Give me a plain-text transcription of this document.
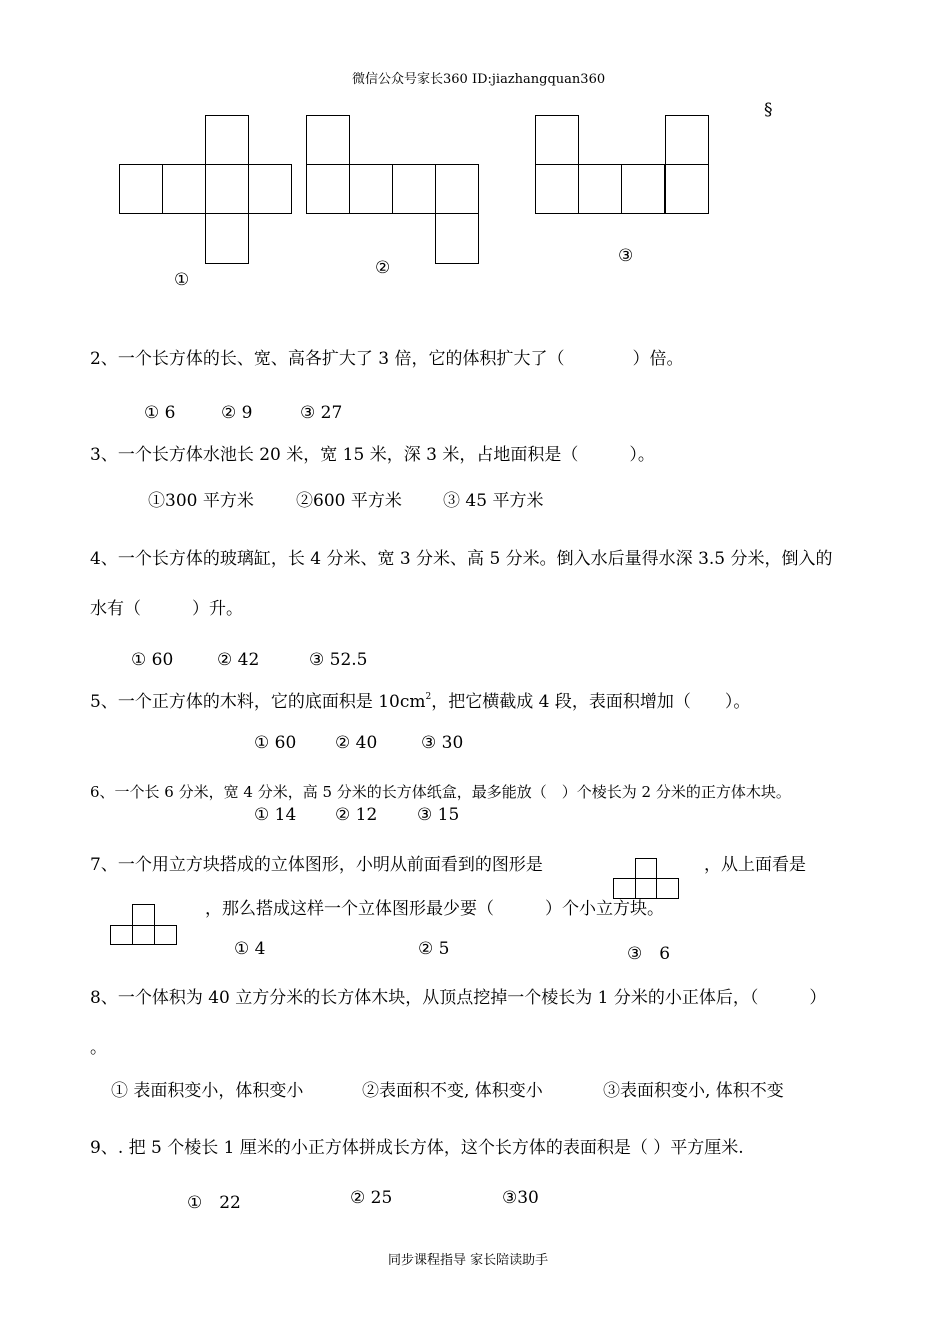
微信公众号家长360 ID:jiazhangquan360
§
①
②
③
2、一个长方体的长、宽、高各扩大了 3 倍，它的体积扩大了（　　　　）倍。
① 6	② 9	③ 27
3、一个长方体水池长 20 米，宽 15 米，深 3 米，占地面积是（　　　）。
①300 平方米 ②600 平方米 ③ 45 平方米
4、一个长方体的玻璃缸，长 4 分米、宽 3 分米、高 5 分米。倒入水后量得水深 3.5 分米，倒入的
水有（　　　）升。
① 60	② 42	③ 52.5
5、一个正方体的木料，它的底面积是 $10cm^2$，把它横截成 4 段，表面积增加（　　）。
① 60 ② 40	③ 30
6、一个长 6 分米，宽 4 分米，高 5 分米的长方体纸盒，最多能放（　）个棱长为 2 分米的正方体木块。
① 14 ② 12 ③ 15
7、一个用立方块搭成的立体图形，小明从前面看到的图形是	，从上面看是
，那么搭成这样一个立体图形最少要（　　　）个小立方块。
① 4	② 5	③　6
8、一个体积为 40 立方分米的长方体木块，从顶点挖掉一个棱长为 1 分米的小正体后，（　　　）
。
① 表面积变小，体积变小	②表面积不变, 体积变小	③表面积变小, 体积不变
9、. 把 5 个棱长 1 厘米的小正方体拼成长方体，这个长方体的表面积是（ ）平方厘米.
①　22	② 25	③30
同步课程指导 家长陪读助手
